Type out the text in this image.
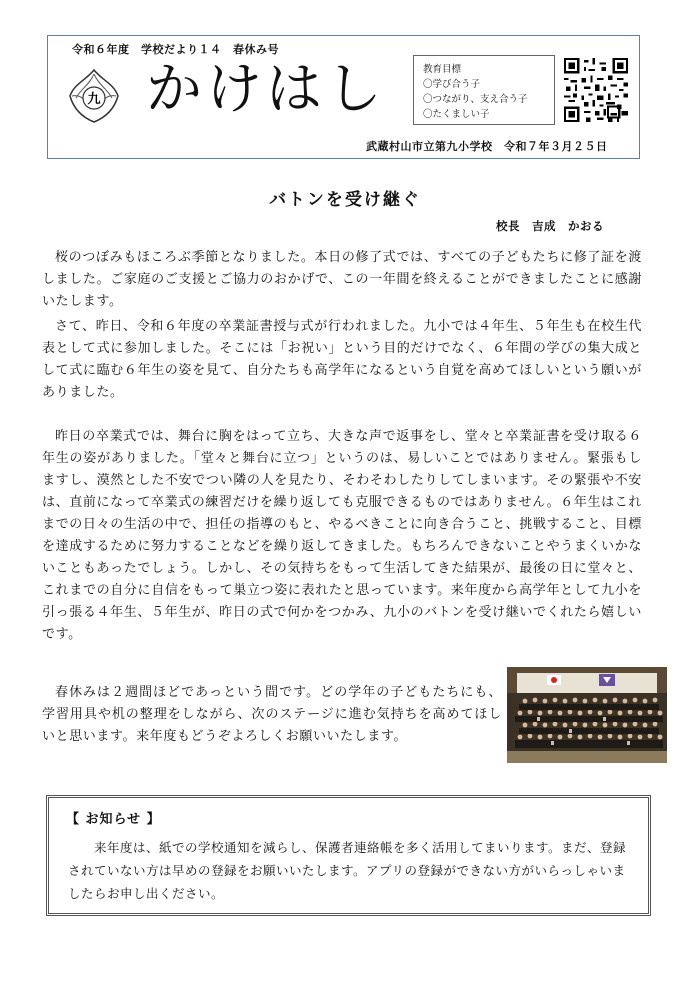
令和６年度　学校だより１４　春休み号
九 かけはし	教育目標
〇学び合う子
〇つながり、支え合う子
〇たくましい子
武蔵村山市立第九小学校　令和７年３月２５日
バトンを受け継ぐ
校長　吉成　かおる

桜のつぼみもほころぶ季節となりました。本日の修了式では、すべての子どもたちに修了証を渡しました。ご家庭のご支援とご協力のおかげで、この一年間を終えることができましたことに感謝いたします。

さて、昨日、令和６年度の卒業証書授与式が行われました。九小では４年生、５年生も在校生代表として式に参加しました。そこには「お祝い」という目的だけでなく、６年間の学びの集大成として式に臨む６年生の姿を見て、自分たちも高学年になるという自覚を高めてほしいという願いがありました。

昨日の卒業式では、舞台に胸をはって立ち、大きな声で返事をし、堂々と卒業証書を受け取る６年生の姿がありました。「堂々と舞台に立つ」というのは、易しいことではありません。緊張もしますし、漠然とした不安でつい隣の人を見たり、そわそわしたりしてしまいます。その緊張や不安は、直前になって卒業式の練習だけを繰り返しても克服できるものではありません。６年生はこれまでの日々の生活の中で、担任の指導のもと、やるべきことに向き合うこと、挑戦すること、目標を達成するために努力することなどを繰り返してきました。もちろんできないことやうまくいかないこともあったでしょう。しかし、その気持ちをもって生活してきた結果が、最後の日に堂々と、これまでの自分に自信をもって巣立つ姿に表れたと思っています。来年度から高学年として九小を引っ張る４年生、５年生が、昨日の式で何かをつかみ、九小のバトンを受け継いでくれたら嬉しいです。

春休みは２週間ほどであっという間です。どの学年の子どもたちにも、学習用具や机の整理をしながら、次のステージに進む気持ちを高めてほしいと思います。来年度もどうぞよろしくお願いいたします。

【 お知らせ 】

来年度は、紙での学校通知を減らし、保護者連絡帳を多く活用してまいります。まだ、登録されていない方は早めの登録をお願いいたします。アプリの登録ができない方がいらっしゃいましたらお申し出ください。
